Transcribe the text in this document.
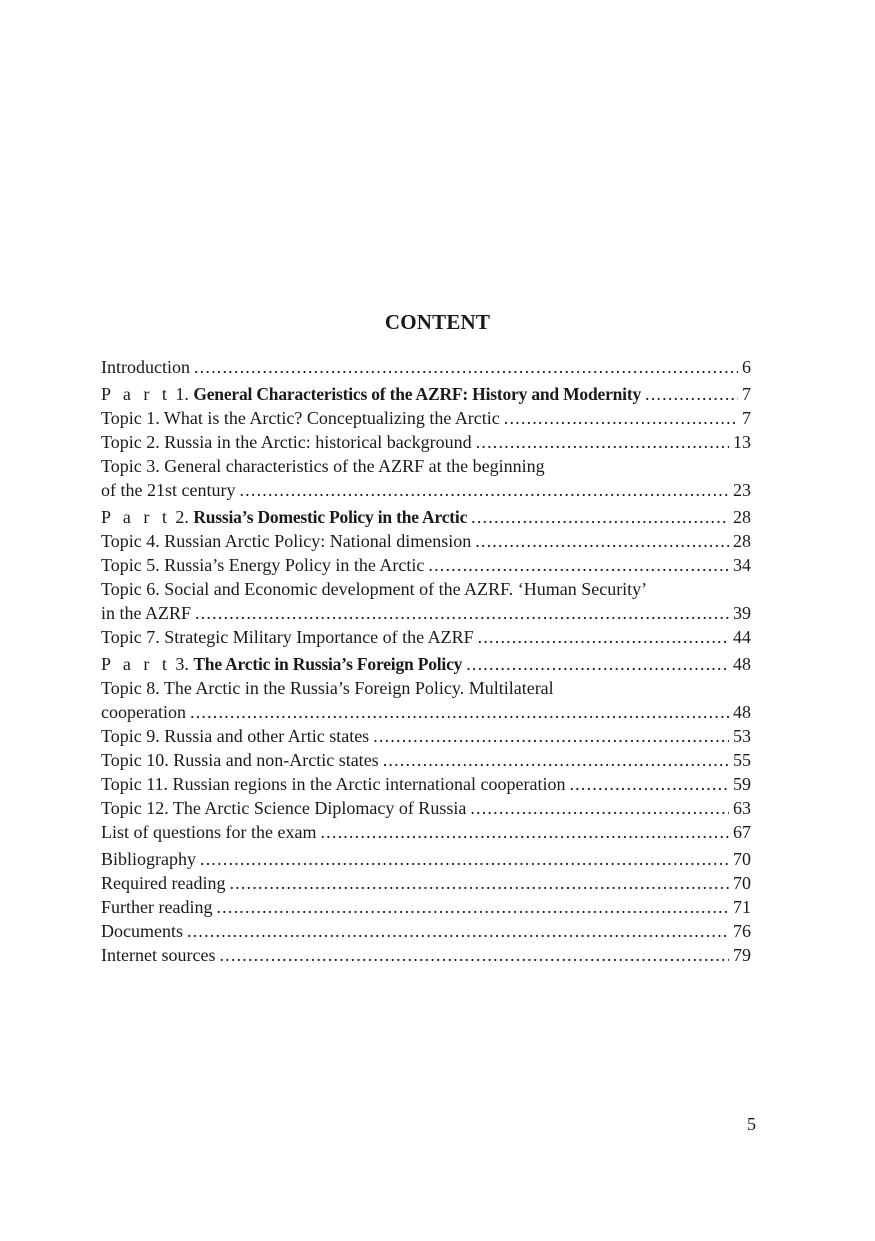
CONTENT
Introduction .....	6
P a r t 1. General Characteristics of the AZRF: History and Modernity .....	7
Topic 1. What is the Arctic? Conceptualizing the Arctic .....	7
Topic 2. Russia in the Arctic: historical background .....	13
Topic 3. General characteristics of the AZRF at the beginning
of the 21st century .....	23
P a r t 2. Russia’s Domestic Policy in the Arctic .....	28
Topic 4. Russian Arctic Policy: National dimension .....	28
Topic 5. Russia’s Energy Policy in the Arctic .....	34
Topic 6. Social and Economic development of the AZRF. ‘Human Security’
in the AZRF .....	39
Topic 7. Strategic Military Importance of the AZRF .....	44
P a r t 3. The Arctic in Russia’s Foreign Policy .....	48
Topic 8. The Arctic in the Russia’s Foreign Policy. Multilateral
cooperation .....	48
Topic 9. Russia and other Artic states .....	53
Topic 10. Russia and non-Arctic states .....	55
Topic 11. Russian regions in the Arctic international cooperation .....	59
Topic 12. The Arctic Science Diplomacy of Russia .....	63
List of questions for the exam .....	67
Bibliography .....	70
Required reading .....	70
Further reading .....	71
Documents .....	76
Internet sources .....	79
5
